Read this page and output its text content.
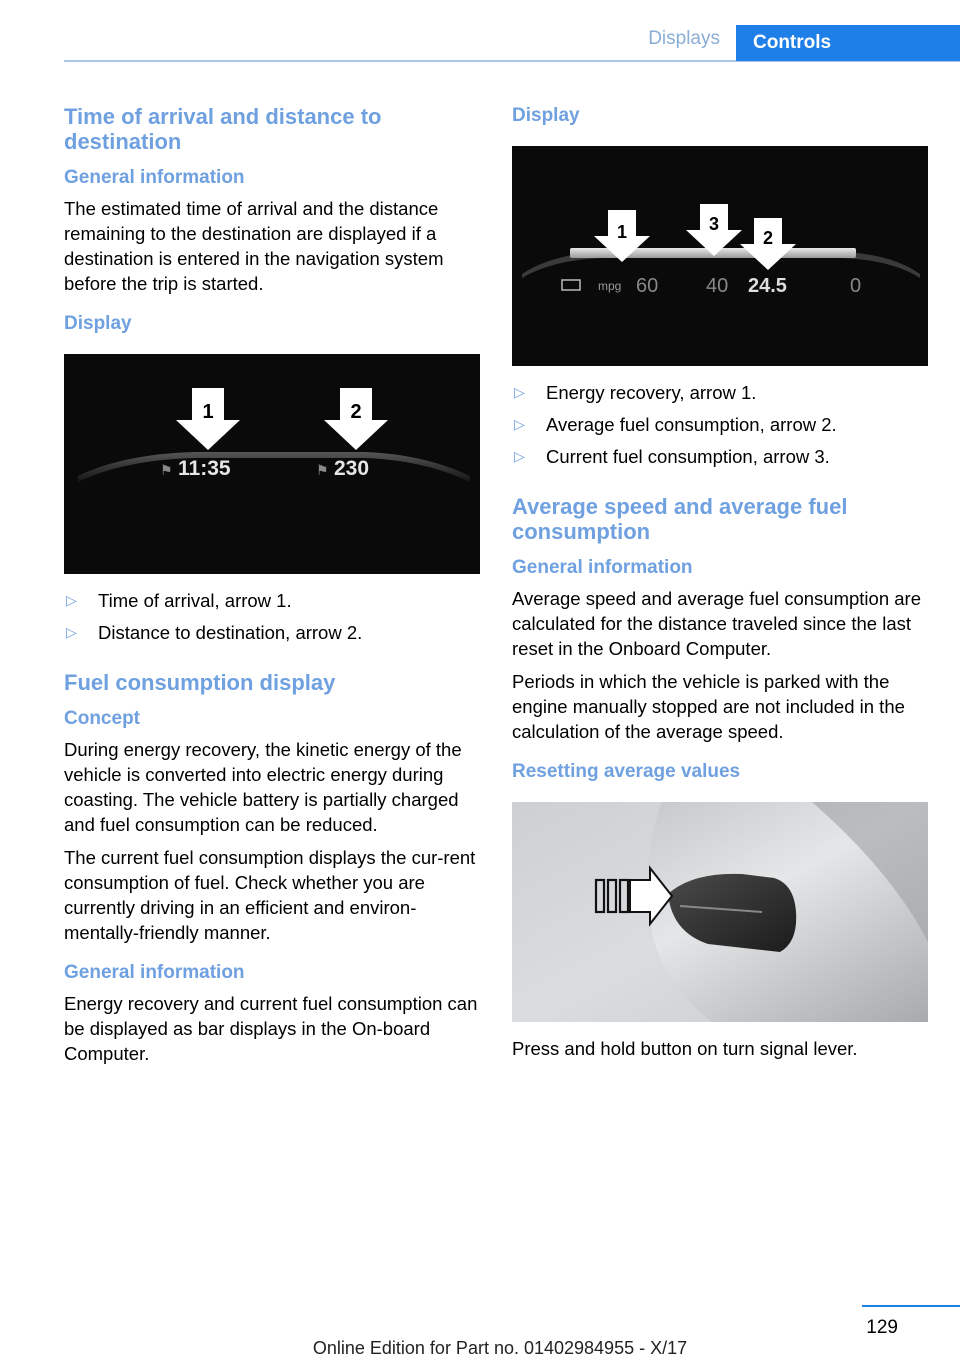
Displays	Controls
Time of arrival and distance to destination
General information

The estimated time of arrival and the distance remaining to the destination are displayed if a destination is entered in the navigation system before the trip is started.

Display
1	2
⚑ 11:35	⚑ 230
▷ Time of arrival, arrow 1.
▷ Distance to destination, arrow 2.
Fuel consumption display
Concept

During energy recovery, the kinetic energy of the vehicle is converted into electric energy during coasting. The vehicle battery is partially charged and fuel consumption can be reduced.

The current fuel consumption displays the cur-rent consumption of fuel. Check whether you are currently driving in an efficient and environ-mentally-friendly manner.

General information

Energy recovery and current fuel consumption can be displayed as bar displays in the On-board Computer.

Display
1	3
2
mpg 60 40 24.5	0
▷ Energy recovery, arrow 1.
▷ Average fuel consumption, arrow 2.
▷ Current fuel consumption, arrow 3.
Average speed and average fuel consumption
General information

Average speed and average fuel consumption are calculated for the distance traveled since the last reset in the Onboard Computer.

Periods in which the vehicle is parked with the engine manually stopped are not included in the calculation of the average speed.

Resetting average values

Press and hold button on turn signal lever.

129
Online Edition for Part no. 01402984955 - X/17
